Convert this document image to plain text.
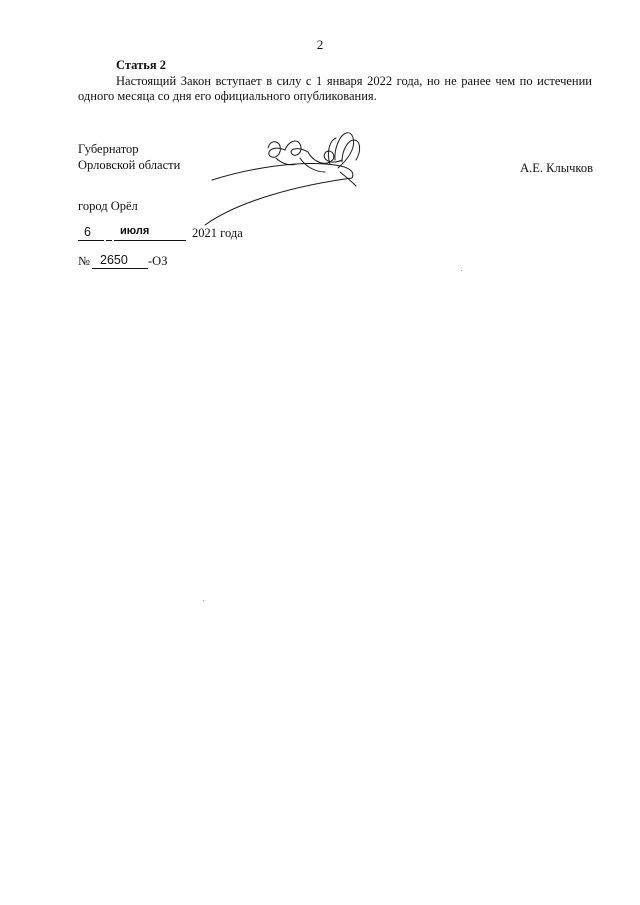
2
Статья 2
Настоящий Закон вступает в силу с 1 января 2022 года, но не ранее чем по истечении одного месяца со дня его официального опубликования.
Губернатор
Орловской области	А.Е. Клычков
город Орёл
6	июля	2021 года
№ 2650 -ОЗ
